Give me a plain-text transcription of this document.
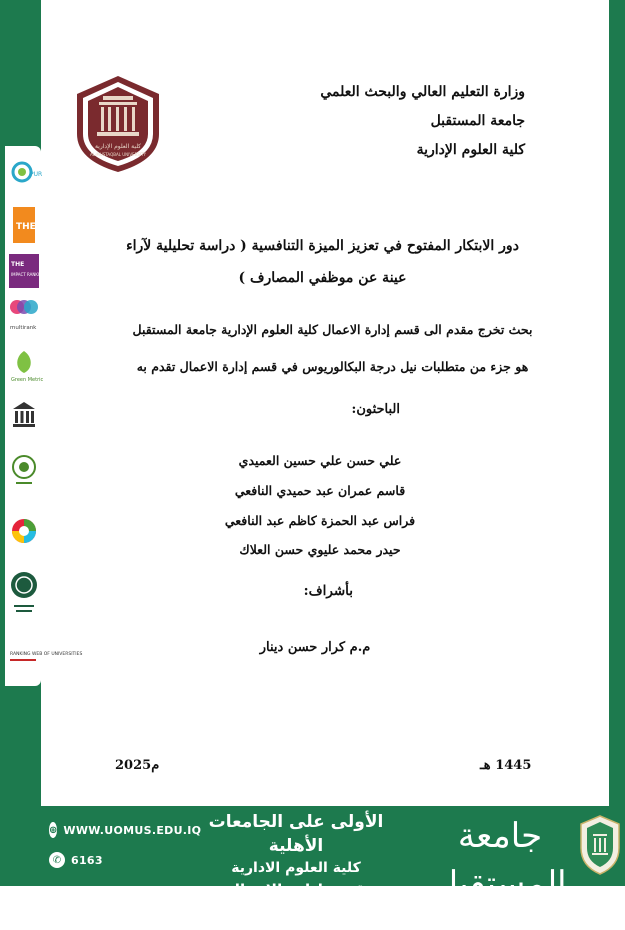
PUR
THE
THE
IMPACT RANKINGS
multirank
Green Metric
RANKING WEB OF UNIVERSITIES
كلية العلوم الإدارية
AL-MUSTAQBAL UNIVERSITY
وزارة التعليم العالي والبحث العلمي
جامعة المستقبل
كلية العلوم الإدارية
دور الابتكار المفتوح في تعزيز الميزة التنافسية ( دراسة تحليلية لآراء
عينة عن موظفي المصارف )
بحث تخرج مقدم الى قسم إدارة الاعمال كلية العلوم الإدارية جامعة المستقبل
هو جزء من متطلبات نيل درجة البكالوريوس في قسم إدارة الاعمال تقدم به
الباحثون:
علي حسن علي حسين العميدي
قاسم عمران عبد حميدي النافعي
فراس عبد الحمزة كاظم عبد النافعي
حيدر محمد عليوي حسن العلاك
بأشراف:
م.م كرار حسن دينار
1445 هـ
2025م
⊕ WWW.UOMUS.EDU.IQ
✆ 6163
الأولى على الجامعات الأهلية
كلية العلوم الادارية
قسم ادارة الاعمال
جامعة المستقبل
AL-MUSTAQBAL UNIVERSITY
